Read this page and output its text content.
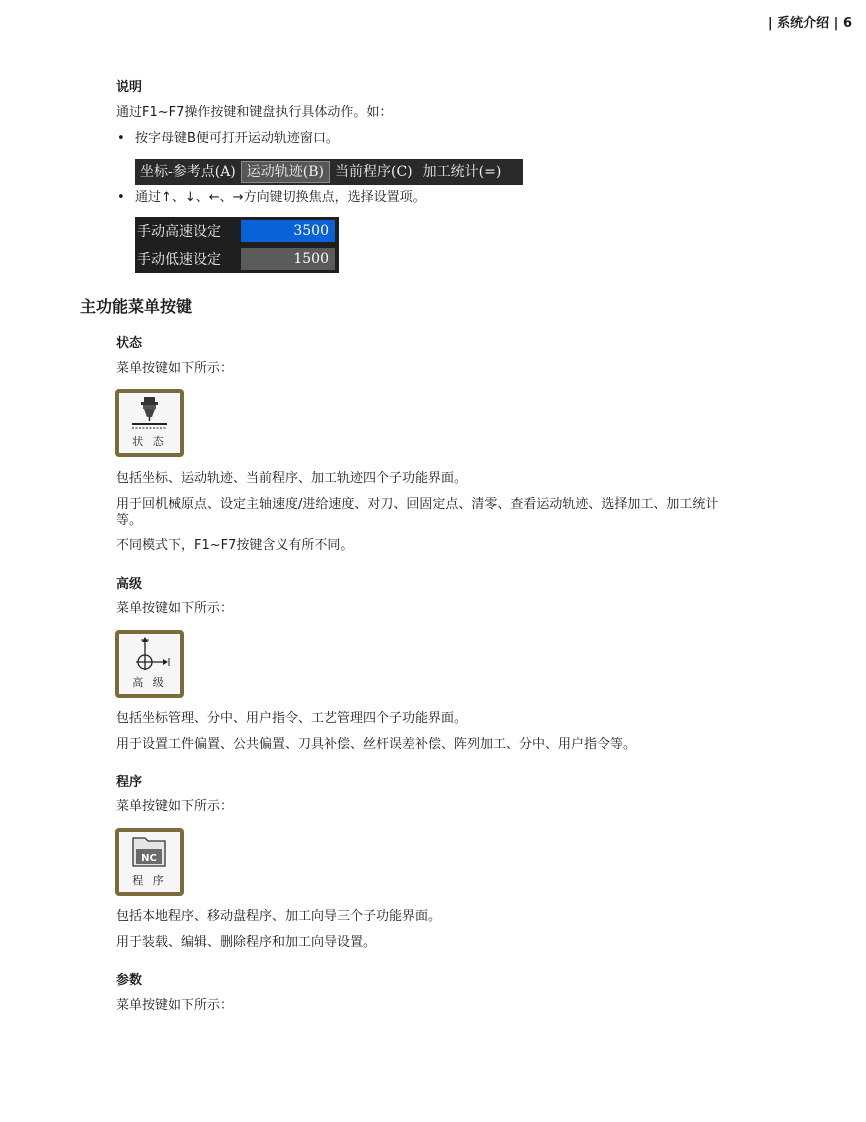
| 系统介绍 | 6
说明
通过F1~F7操作按键和键盘执行具体动作。如：
• 按字母键B便可打开运动轨迹窗口。
坐标-参考点(A) 运动轨迹(B) 当前程序(C) 加工统计(=)
• 通过↑、↓、←、→方向键切换焦点，选择设置项。
手动高速设定	3500
手动低速设定	1500
主功能菜单按键
状态
菜单按键如下所示：
状 态
包括坐标、运动轨迹、当前程序、加工轨迹四个子功能界面。
用于回机械原点、设定主轴速度/进给速度、对刀、回固定点、清零、查看运动轨迹、选择加工、加工统计
等。
不同模式下，F1~F7按键含义有所不同。
高级
菜单按键如下所示：
高 级
包括坐标管理、分中、用户指令、工艺管理四个子功能界面。
用于设置工件偏置、公共偏置、刀具补偿、丝杆误差补偿、阵列加工、分中、用户指令等。
程序
菜单按键如下所示：
NC
程 序
包括本地程序、移动盘程序、加工向导三个子功能界面。
用于装载、编辑、删除程序和加工向导设置。
参数
菜单按键如下所示：
